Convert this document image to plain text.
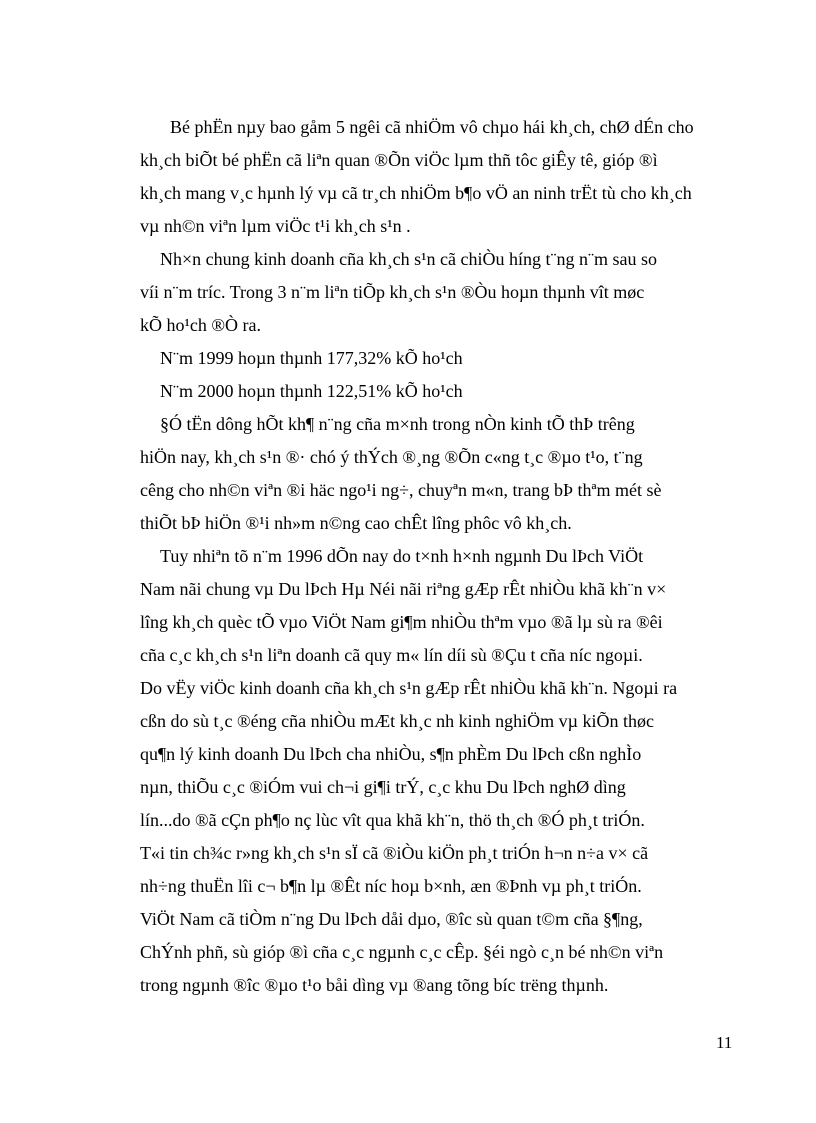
Bé phËn nµy bao gåm 5 ngêi cã nhiÖm vô chµo hái kh¸ch, chØ dÉn cho
kh¸ch biÕt bé phËn cã liªn quan ®Õn viÖc lµm thñ tôc giÊy tê, gióp ®ì
kh¸ch mang v¸c hµnh lý vµ cã tr¸ch nhiÖm b¶o vÖ an ninh trËt tù cho kh¸ch
vµ nh©n viªn lµm viÖc t¹i kh¸ch s¹n .
Nh×n chung kinh doanh cña kh¸ch s¹n cã chiÒu híng t¨ng n¨m sau so
víi n¨m tríc. Trong 3 n¨m liªn tiÕp kh¸ch s¹n ®Òu hoµn thµnh vît møc
kÕ ho¹ch ®Ò ra.
N¨m 1999 hoµn thµnh 177,32% kÕ ho¹ch
N¨m 2000 hoµn thµnh 122,51% kÕ ho¹ch
§Ó tËn dông hÕt kh¶ n¨ng cña m×nh trong nÒn kinh tÕ thÞ trêng
hiÖn nay, kh¸ch s¹n ®· chó ý thÝch ®¸ng ®Õn c«ng t¸c ®µo t¹o, t¨ng
cêng cho nh©n viªn ®i häc ngo¹i ng÷, chuyªn m«n, trang bÞ thªm mét sè
thiÕt bÞ hiÖn ®¹i nh»m n©ng cao chÊt lîng phôc vô kh¸ch.
Tuy nhiªn tõ n¨m 1996 dÕn nay do t×nh h×nh ngµnh Du lÞch ViÖt
Nam nãi chung vµ Du lÞch Hµ Néi nãi riªng gÆp rÊt nhiÒu khã kh¨n v×
lîng kh¸ch quèc tÕ vµo ViÖt Nam gi¶m nhiÒu thªm vµo ®ã lµ sù ra ®êi
cña c¸c kh¸ch s¹n liªn doanh cã quy m« lín díi sù ®Çu t cña níc ngoµi.
Do vËy viÖc kinh doanh cña kh¸ch s¹n gÆp rÊt nhiÒu khã kh¨n. Ngoµi ra
cßn do sù t¸c ®éng cña nhiÒu mÆt kh¸c nh kinh nghiÖm vµ kiÕn thøc
qu¶n lý kinh doanh Du lÞch cha nhiÒu, s¶n phÈm Du lÞch cßn nghÌo
nµn, thiÕu c¸c ®iÓm vui ch¬i gi¶i trÝ, c¸c khu Du lÞch nghØ dìng
lín...do ®ã cÇn ph¶o nç lùc vît qua khã kh¨n, thö th¸ch ®Ó ph¸t triÓn.
T«i tin ch¾c r»ng kh¸ch s¹n sÏ cã ®iÒu kiÖn ph¸t triÓn h¬n n÷a v× cã
nh÷ng thuËn lîi c¬ b¶n lµ ®Êt níc hoµ b×nh, æn ®Þnh vµ ph¸t triÓn.
ViÖt Nam cã tiÒm n¨ng Du lÞch dåi dµo, ®îc sù quan t©m cña §¶ng,
ChÝnh phñ, sù gióp ®ì cña c¸c ngµnh c¸c cÊp. §éi ngò c¸n bé nh©n viªn
trong ngµnh ®îc ®µo t¹o båi dìng vµ ®ang tõng bíc trëng thµnh.
11
